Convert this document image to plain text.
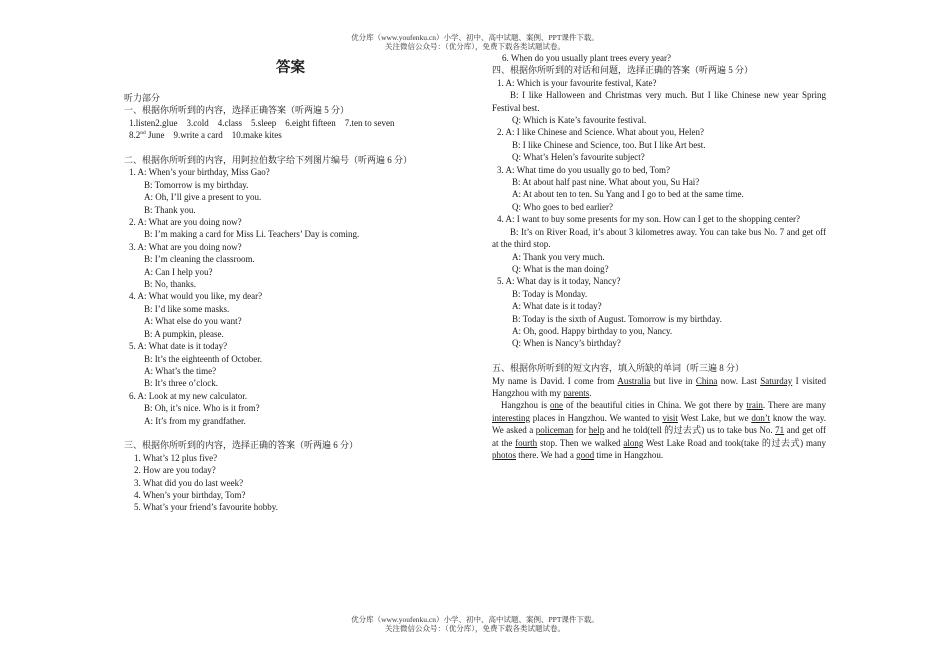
优分库（www.youfenku.cn）小学、初中、高中试题、案例、PPT课件下载。
关注微信公众号：（优分库），免费下载各类试题试卷。
答案
听力部分
一、根据你所听到的内容，选择正确答案（听两遍 5 分）
1.listen2.glue 3.cold 4.class 5.sleep 6.eight fifteen 7.ten to seven
8.2nd June 9.write a card 10.make kites
二、根据你所听到的内容，用阿拉伯数字给下列图片编号（听两遍 6 分）
1. A: When’s your birthday, Miss Gao?
B: Tomorrow is my birthday.
A: Oh, I’ll give a present to you.
B: Thank you.
2. A: What are you doing now?
B: I’m making a card for Miss Li. Teachers’ Day is coming.
3. A: What are you doing now?
B: I’m cleaning the classroom.
A: Can I help you?
B: No, thanks.
4. A: What would you like, my dear?
B: I’d like some masks.
A: What else do you want?
B: A pumpkin, please.
5. A: What date is it today?
B: It’s the eighteenth of October.
A: What’s the time?
B: It’s three o’clock.
6. A: Look at my new calculator.
B: Oh, it’s nice. Who is it from?
A: It’s from my grandfather.
三、根据你所听到的内容，选择正确的答案（听两遍 6 分）
1. What’s 12 plus five?
2. How are you today?
3. What did you do last week?
4. When’s your birthday, Tom?
5. What’s your friend’s favourite hobby.
6. When do you usually plant trees every year?
四、根据你所听到的对话和问题，选择正确的答案（听两遍 5 分）
1. A: Which is your favourite festival, Kate?
B: I like Halloween and Christmas very much. But I like Chinese new year Spring Festival best.
Q: Which is Kate’s favourite festival.
2. A: I like Chinese and Science. What about you, Helen?
B: I like Chinese and Science, too. But I like Art best.
Q: What’s Helen’s favourite subject?
3. A: What time do you usually go to bed, Tom?
B: At about half past nine. What about you, Su Hai?
A: At about ten to ten. Su Yang and I go to bed at the same time.
Q: Who goes to bed earlier?
4. A: I want to buy some presents for my son. How can I get to the shopping center?
B: It’s on River Road, it’s about 3 kilometres away. You can take bus No. 7 and get off at the third stop.
A: Thank you very much.
Q: What is the man doing?
5. A: What day is it today, Nancy?
B: Today is Monday.
A: What date is it today?
B: Today is the sixth of August. Tomorrow is my birthday.
A: Oh, good. Happy birthday to you, Nancy.
Q: When is Nancy’s birthday?
五、根据你所听到的短文内容，填入所缺的单词（听三遍 8 分）
My name is David. I come from Australia but live in China now. Last Saturday I visited Hangzhou with my parents.
Hangzhou is one of the beautiful cities in China. We got there by train. There are many interesting places in Hangzhou. We wanted to visit West Lake, but we don’t know the way. We asked a policeman for help and he told(tell 的过去式) us to take bus No. 71 and get off at the fourth stop. Then we walked along West Lake Road and took(take 的过去式) many photos there. We had a good time in Hangzhou.
优分库（www.youfenku.cn）小学、初中、高中试题、案例、PPT课件下载。
关注微信公众号：（优分库），免费下载各类试题试卷。
